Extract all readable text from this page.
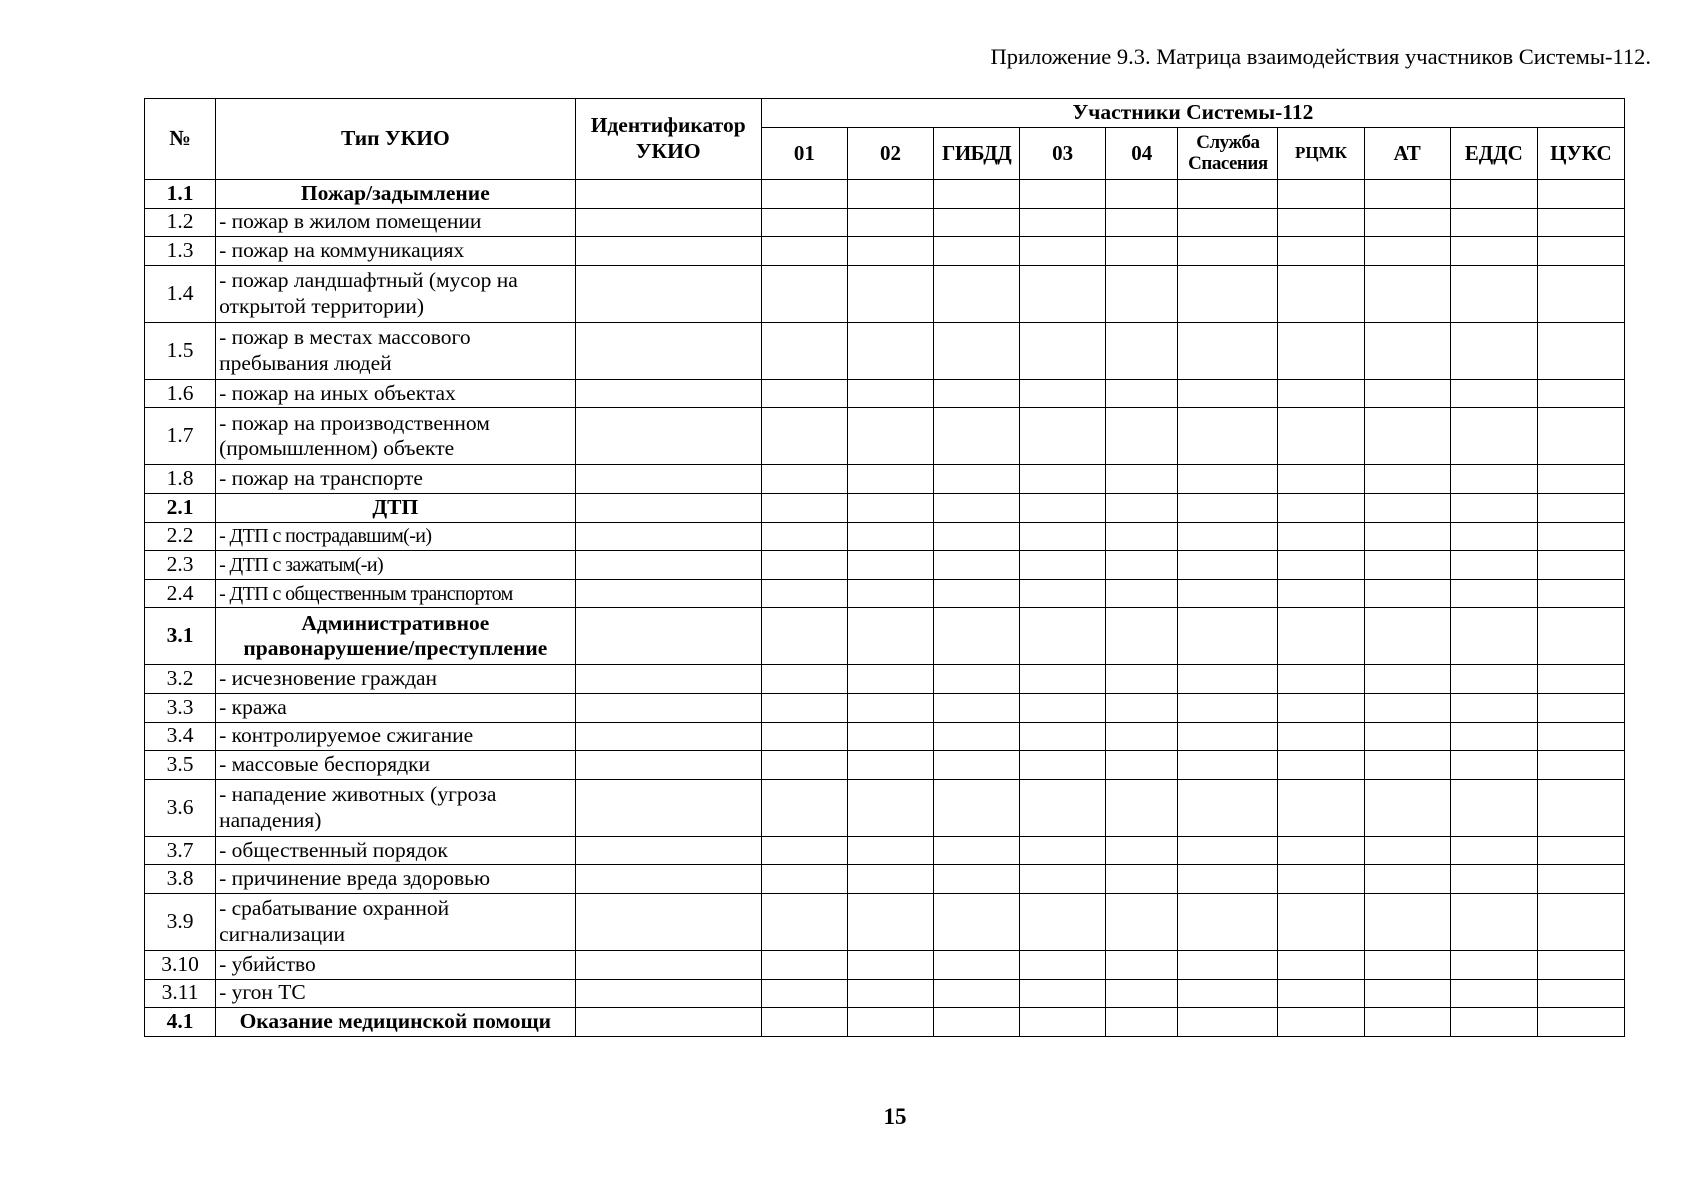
Приложение 9.3. Матрица взаимодействия участников Системы-112.
№	Тип УКИО	Идентификатор УКИО	Участники Системы-112									
			01	02	ГИБДД	03	04	Служба Спасения	РЦМК	АТ	ЕДДС	ЦУКС
1.1	Пожар/задымление											
1.2	- пожар в жилом помещении											
1.3	- пожар на коммуникациях											
1.4	- пожар ландшафтный (мусор на открытой территории)											
1.5	- пожар в местах массового пребывания людей											
1.6	- пожар на иных объектах											
1.7	- пожар на производственном (промышленном) объекте											
1.8	- пожар на транспорте											
2.1	ДТП											
2.2	- ДТП с пострадавшим(-и)											
2.3	- ДТП с зажатым(-и)											
2.4	- ДТП с общественным транспортом											
3.1	Административное правонарушение/преступление											
3.2	- исчезновение граждан											
3.3	- кража											
3.4	- контролируемое сжигание											
3.5	- массовые беспорядки											
3.6	- нападение животных (угроза нападения)											
3.7	- общественный порядок											
3.8	- причинение вреда здоровью											
3.9	- срабатывание охранной сигнализации											
3.10	- убийство											
3.11	- угон ТС											
4.1	Оказание медицинской помощи											
15
